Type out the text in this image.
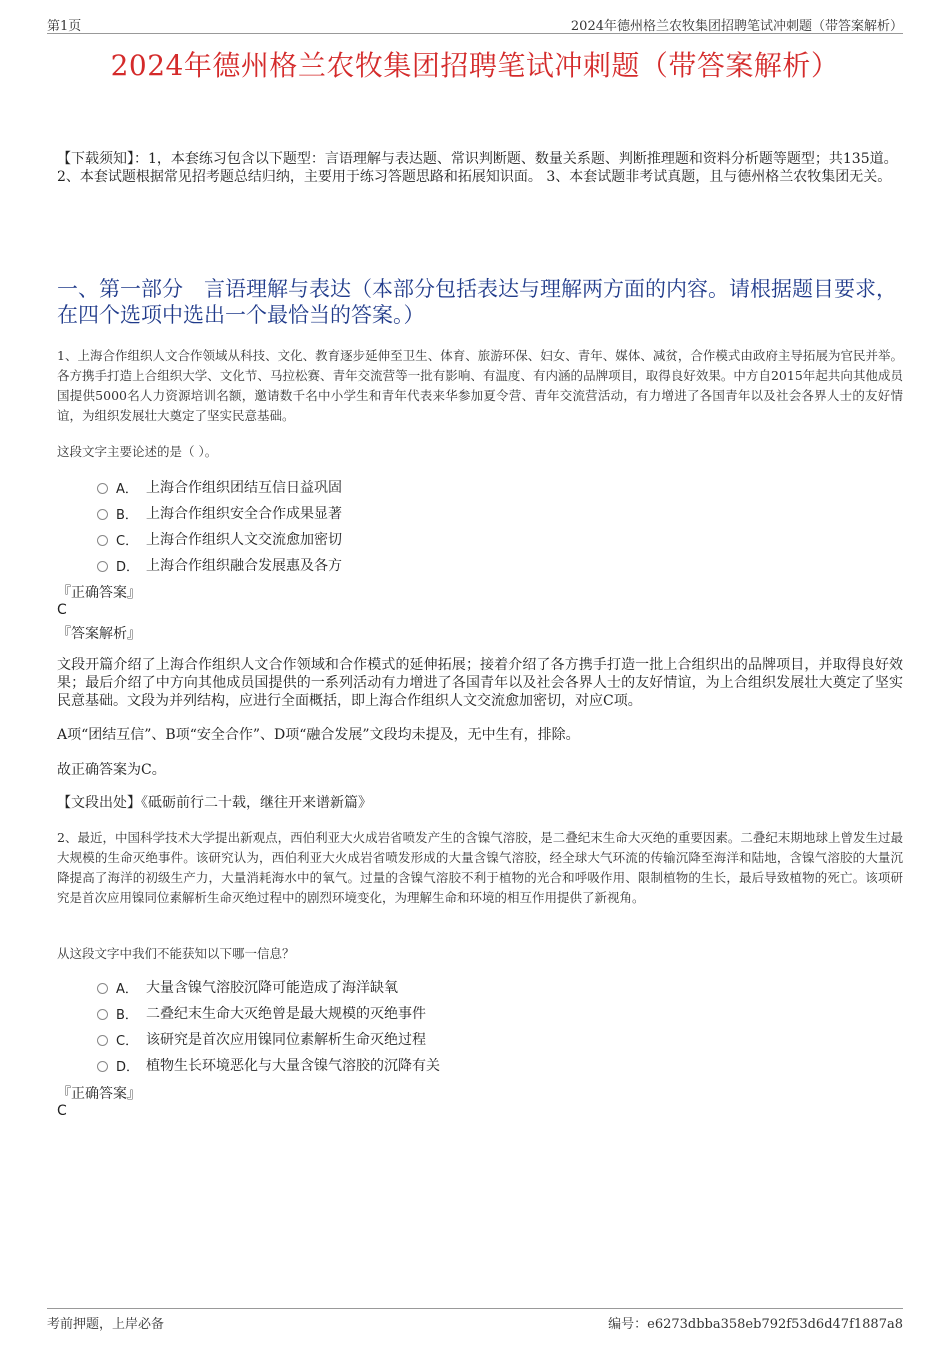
第1页	2024年德州格兰农牧集团招聘笔试冲刺题（带答案解析）
2024年德州格兰农牧集团招聘笔试冲刺题（带答案解析）
【下载须知】：1，本套练习包含以下题型：言语理解与表达题、常识判断题、数量关系题、判断推理题和资料分析题等题型；共135道。 2、本套试题根据常见招考题总结归纳，主要用于练习答题思路和拓展知识面。 3、本套试题非考试真题，且与德州格兰农牧集团无关。
一、第一部分　言语理解与表达（本部分包括表达与理解两方面的内容。请根据题目要求，在四个选项中选出一个最恰当的答案。）
1、上海合作组织人文合作领域从科技、文化、教育逐步延伸至卫生、体育、旅游环保、妇女、青年、媒体、减贫，合作模式由政府主导拓展为官民并举。各方携手打造上合组织大学、文化节、马拉松赛、青年交流营等一批有影响、有温度、有内涵的品牌项目，取得良好效果。中方自2015年起共向其他成员国提供5000名人力资源培训名额，邀请数千名中小学生和青年代表来华参加夏令营、青年交流营活动，有力增进了各国青年以及社会各界人士的友好情谊，为组织发展壮大奠定了坚实民意基础。
这段文字主要论述的是（ ）。
A． 上海合作组织团结互信日益巩固
B． 上海合作组织安全合作成果显著
C． 上海合作组织人文交流愈加密切
D． 上海合作组织融合发展惠及各方
『正确答案』
C
『答案解析』
文段开篇介绍了上海合作组织人文合作领域和合作模式的延伸拓展；接着介绍了各方携手打造一批上合组织出的品牌项目，并取得良好效果；最后介绍了中方向其他成员国提供的一系列活动有力增进了各国青年以及社会各界人士的友好情谊，为上合组织发展壮大奠定了坚实民意基础。文段为并列结构，应进行全面概括，即上海合作组织人文交流愈加密切，对应C项。
A项“团结互信”、B项“安全合作”、D项“融合发展”文段均未提及，无中生有，排除。
故正确答案为C。
【文段出处】《砥砺前行二十载，继往开来谱新篇》
2、最近，中国科学技术大学提出新观点，西伯利亚大火成岩省喷发产生的含镍气溶胶，是二叠纪末生命大灭绝的重要因素。二叠纪末期地球上曾发生过最大规模的生命灭绝事件。该研究认为，西伯利亚大火成岩省喷发形成的大量含镍气溶胶，经全球大气环流的传输沉降至海洋和陆地，含镍气溶胶的大量沉降提高了海洋的初级生产力，大量消耗海水中的氧气。过量的含镍气溶胶不利于植物的光合和呼吸作用、限制植物的生长，最后导致植物的死亡。该项研究是首次应用镍同位素解析生命灭绝过程中的剧烈环境变化，为理解生命和环境的相互作用提供了新视角。
从这段文字中我们不能获知以下哪一信息？
A． 大量含镍气溶胶沉降可能造成了海洋缺氧
B． 二叠纪末生命大灭绝曾是最大规模的灭绝事件
C． 该研究是首次应用镍同位素解析生命灭绝过程
D． 植物生长环境恶化与大量含镍气溶胶的沉降有关
『正确答案』
C
考前押题，上岸必备	编号：e6273dbba358eb792f53d6d47f1887a8
